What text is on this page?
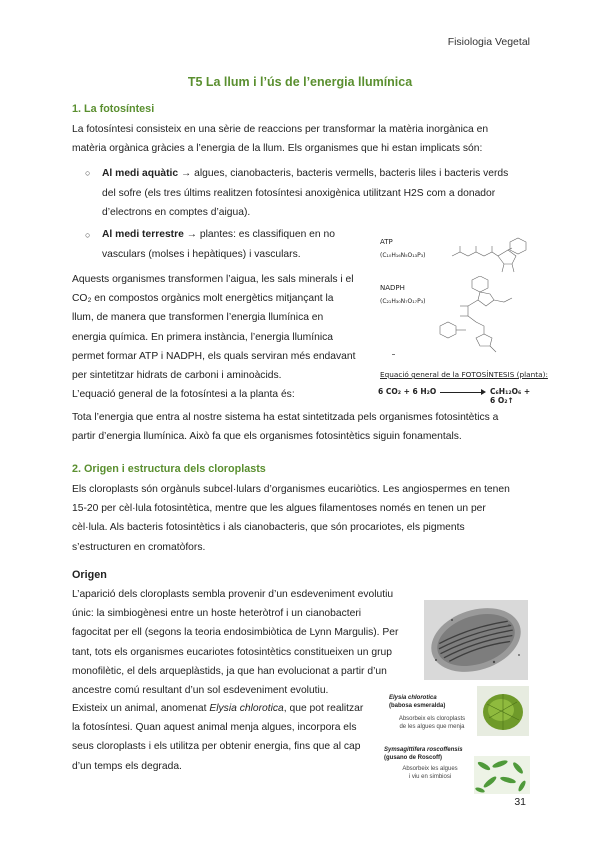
Fisiologia Vegetal
T5 La llum i l’ús de l’energia llumínica
1. La fotosíntesi
La fotosíntesi consisteix en una sèrie de reaccions per transformar la matèria inorgànica en
matèria orgànica gràcies a l’energia de la llum. Els organismes que hi estan implicats són:
○ Al medi aquàtic → algues, cianobacteris, bacteris vermells, bacteris liles i bacteris verds
del sofre (els tres últims realitzen fotosíntesi anoxigènica utilitzant H2S com a donador
d’electrons en comptes d’aigua).
○ Al medi terrestre → plantes: es classifiquen en no
vasculars (molses i hepàtiques) i vasculars.
Aquests organismes transformen l’aigua, les sals minerals i el
CO₂ en compostos orgànics molt energètics mitjançant la
llum, de manera que transformen l’energia llumínica en
energia química. En primera instància, l’energia llumínica
permet formar ATP i NADPH, els quals serviran més endavant
per sintetitzar hidrats de carboni i aminoàcids.
L’equació general de la fotosíntesi a la planta és:
ATP
(C₁₀H₁₆N₅O₁₃P₃)
NADPH
(C₂₁H₃₀N₇O₁₇P₃)
Equació general de la FOTOSÍNTESIS (planta):
6 CO₂ + 6 H₂O	C₆H₁₂O₆ + 6 O₂↑
Tota l’energia que entra al nostre sistema ha estat sintetitzada pels organismes fotosintètics a
partir d’energia llumínica. Això fa que els organismes fotosintètics siguin fonamentals.
2. Origen i estructura dels cloroplasts
Els cloroplasts són orgànuls subcel·lulars d’organismes eucariòtics. Les angiospermes en tenen
15-20 per cèl·lula fotosintètica, mentre que les algues filamentoses només en tenen un per
cèl·lula. Als bacteris fotosintètics i als cianobacteris, que són procariotes, els pigments
s’estructuren en cromatòfors.
Origen
L’aparició dels cloroplasts sembla provenir d’un esdeveniment evolutiu
únic: la simbiogènesi entre un hoste heteròtrof i un cianobacteri
fagocitat per ell (segons la teoria endosimbiòtica de Lynn Margulis). Per
tant, tots els organismes eucariotes fotosintètics constitueixen un grup
monofilètic, el dels arqueplàstids, ja que han evolucionat a partir d’un
ancestre comú resultant d’un sol esdeveniment evolutiu.
Existeix un animal, anomenat Elysia chlorotica, que pot realitzar
la fotosíntesi. Quan aquest animal menja algues, incorpora els
seus cloroplasts i els utilitza per obtenir energia, fins que al cap
d’un temps els degrada.
Elysia chlorotica
(babosa esmeralda)
Absorbeix els cloroplasts
de les algues que menja
Symsagittifera roscoffensis
(gusano de Roscoff)
Absorbeix les algues
i viu en simbiosi
31
